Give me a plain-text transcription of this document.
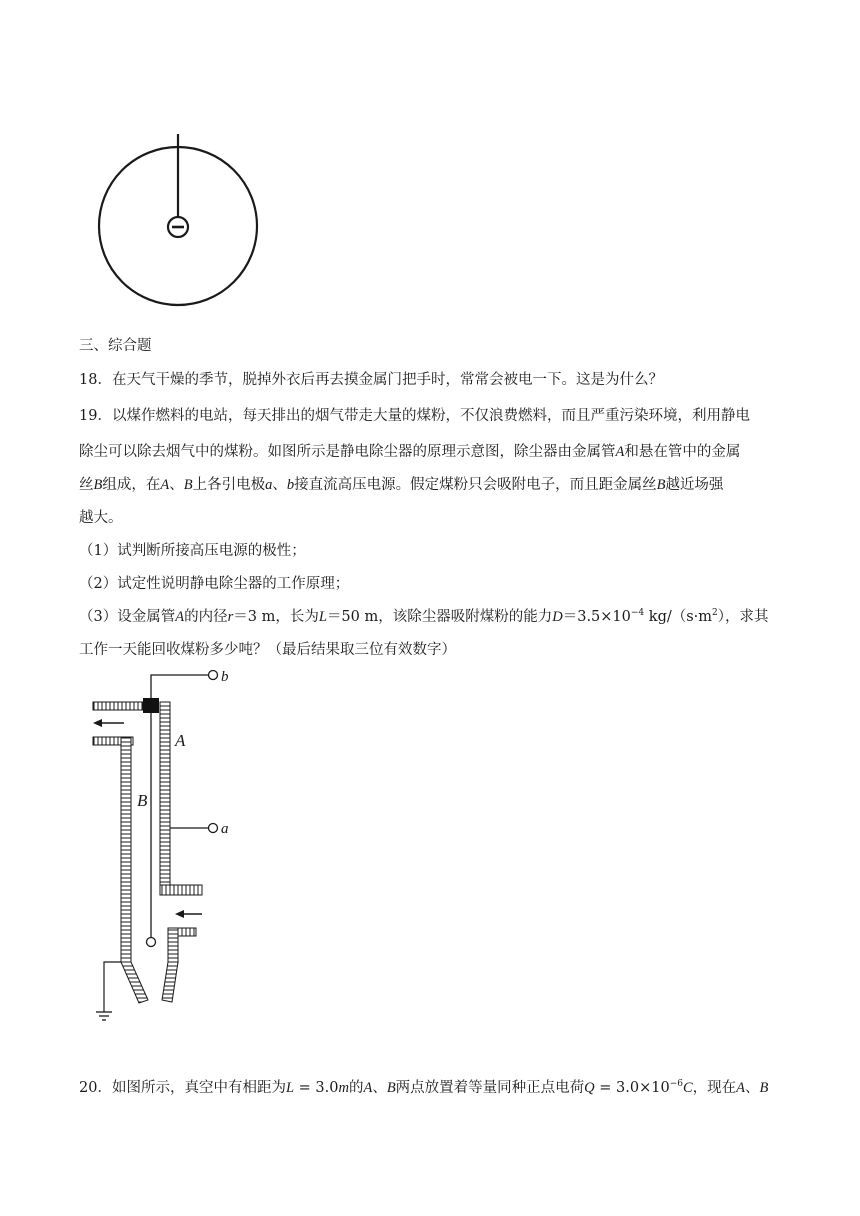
三、综合题
18．在天气干燥的季节，脱掉外衣后再去摸金属门把手时，常常会被电一下。这是为什么？
19．以煤作燃料的电站，每天排出的烟气带走大量的煤粉，不仅浪费燃料，而且严重污染环境，利用静电
除尘可以除去烟气中的煤粉。如图所示是静电除尘器的原理示意图，除尘器由金属管A和悬在管中的金属
丝B组成，在A、B上各引电极a、b接直流高压电源。假定煤粉只会吸附电子，而且距金属丝B越近场强
越大。
（1）试判断所接高压电源的极性；
（2）试定性说明静电除尘器的工作原理；
（3）设金属管A的内径r＝3 m，长为L＝50 m，该除尘器吸附煤粉的能力$D=3.5\times 10^{-4}$ $kg/(s\cdot m^2)$，求其
工作一天能回收煤粉多少吨？（最后结果取三位有效数字）
b
A
B
a
20．如图所示，真空中有相距为L = 3.0m的A、B两点放置着等量同种正点电荷$Q = 3.0\times 10^{-6}C$，现在A、B
